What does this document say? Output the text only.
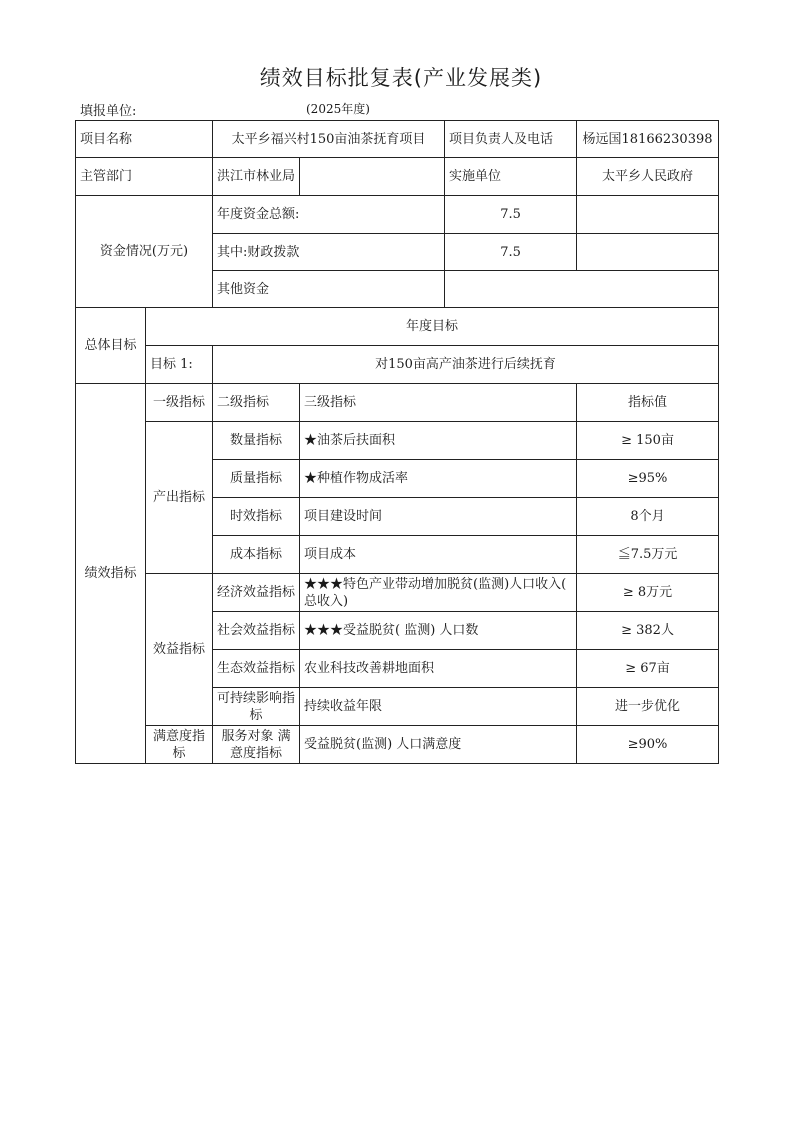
绩效目标批复表(产业发展类)
填报单位:	(2025年度)
项目名称		太平乡福兴村150亩油茶抚育项目		项目负责人及电话	杨远国18166230398
主管部门		洪江市林业局		实施单位	太平乡人民政府
资金情况(万元)		年度资金总额:		7.5	
		其中:财政拨款		7.5	
		其他资金			
总体目标	年度目标				
	目标 1:	对150亩高产油茶进行后续抚育			
绩效指标	一级指标	二级指标	三级指标		指标值
	产出指标	数量指标	★油茶后扶面积		≥ 150亩
		质量指标	★种植作物成活率		≥95%
		时效指标	项目建设时间		8个月
		成本指标	项目成本		≦7.5万元
	效益指标	经济效益指标	★★★特色产业带动增加脱贫(监测)人口收入( 总收入)		≥ 8万元
		社会效益指标	★★★受益脱贫( 监测) 人口数		≥ 382人
		生态效益指标	农业科技改善耕地面积		≥ 67亩
		可持续影响指标	持续收益年限		进一步优化
	满意度指标	服务对象 满意度指标	受益脱贫(监测) 人口满意度		≥90%
